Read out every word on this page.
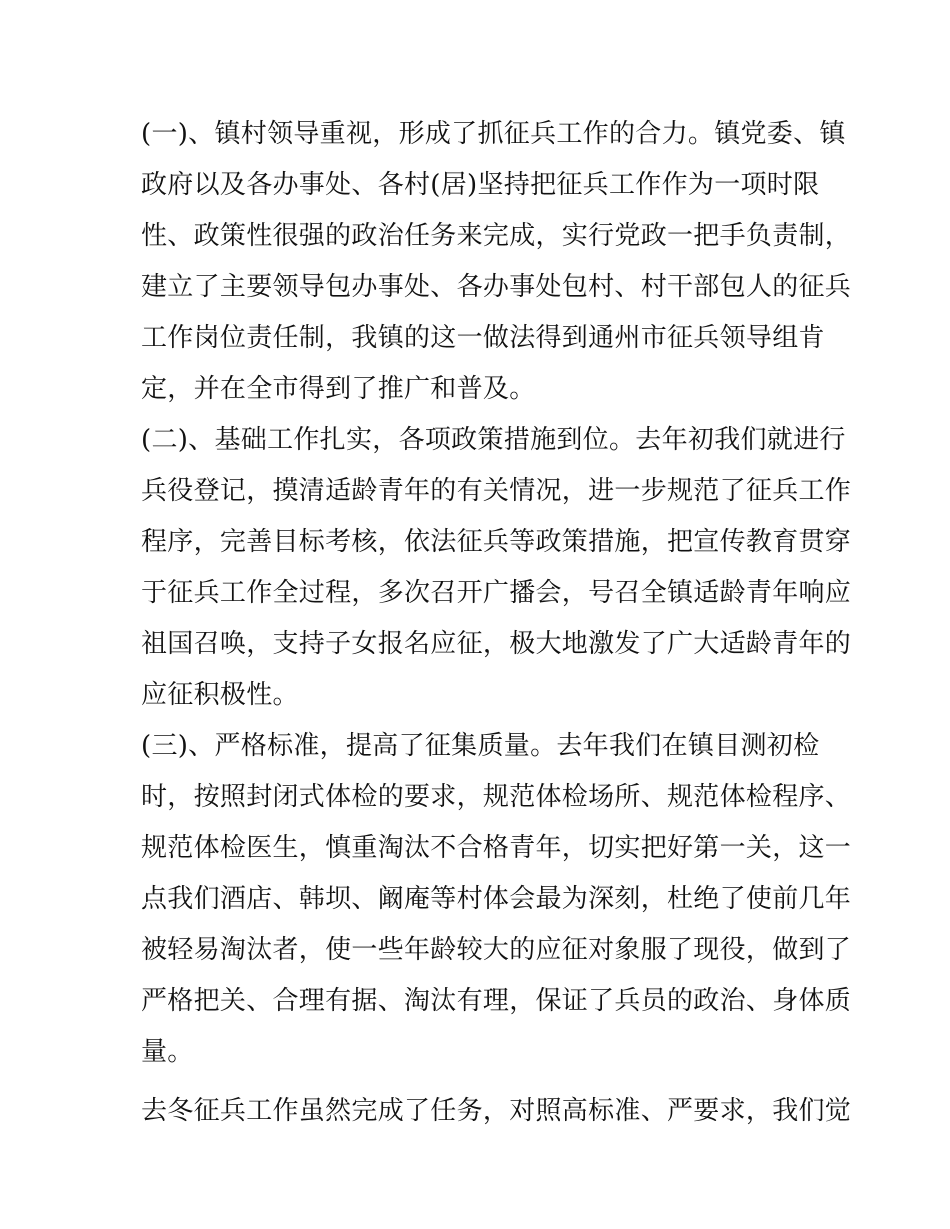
(一)、镇村领导重视，形成了抓征兵工作的合力。镇党委、镇
政府以及各办事处、各村(居)坚持把征兵工作作为一项时限
性、政策性很强的政治任务来完成，实行党政一把手负责制，
建立了主要领导包办事处、各办事处包村、村干部包人的征兵
工作岗位责任制，我镇的这一做法得到通州市征兵领导组肯
定，并在全市得到了推广和普及。
(二)、基础工作扎实，各项政策措施到位。去年初我们就进行
兵役登记，摸清适龄青年的有关情况，进一步规范了征兵工作
程序，完善目标考核，依法征兵等政策措施，把宣传教育贯穿
于征兵工作全过程，多次召开广播会，号召全镇适龄青年响应
祖国召唤，支持子女报名应征，极大地激发了广大适龄青年的
应征积极性。
(三)、严格标准，提高了征集质量。去年我们在镇目测初检
时，按照封闭式体检的要求，规范体检场所、规范体检程序、
规范体检医生，慎重淘汰不合格青年，切实把好第一关，这一
点我们酒店、韩坝、阚庵等村体会最为深刻，杜绝了使前几年
被轻易淘汰者，使一些年龄较大的应征对象服了现役，做到了
严格把关、合理有据、淘汰有理，保证了兵员的政治、身体质
量。
去冬征兵工作虽然完成了任务，对照高标准、严要求，我们觉
